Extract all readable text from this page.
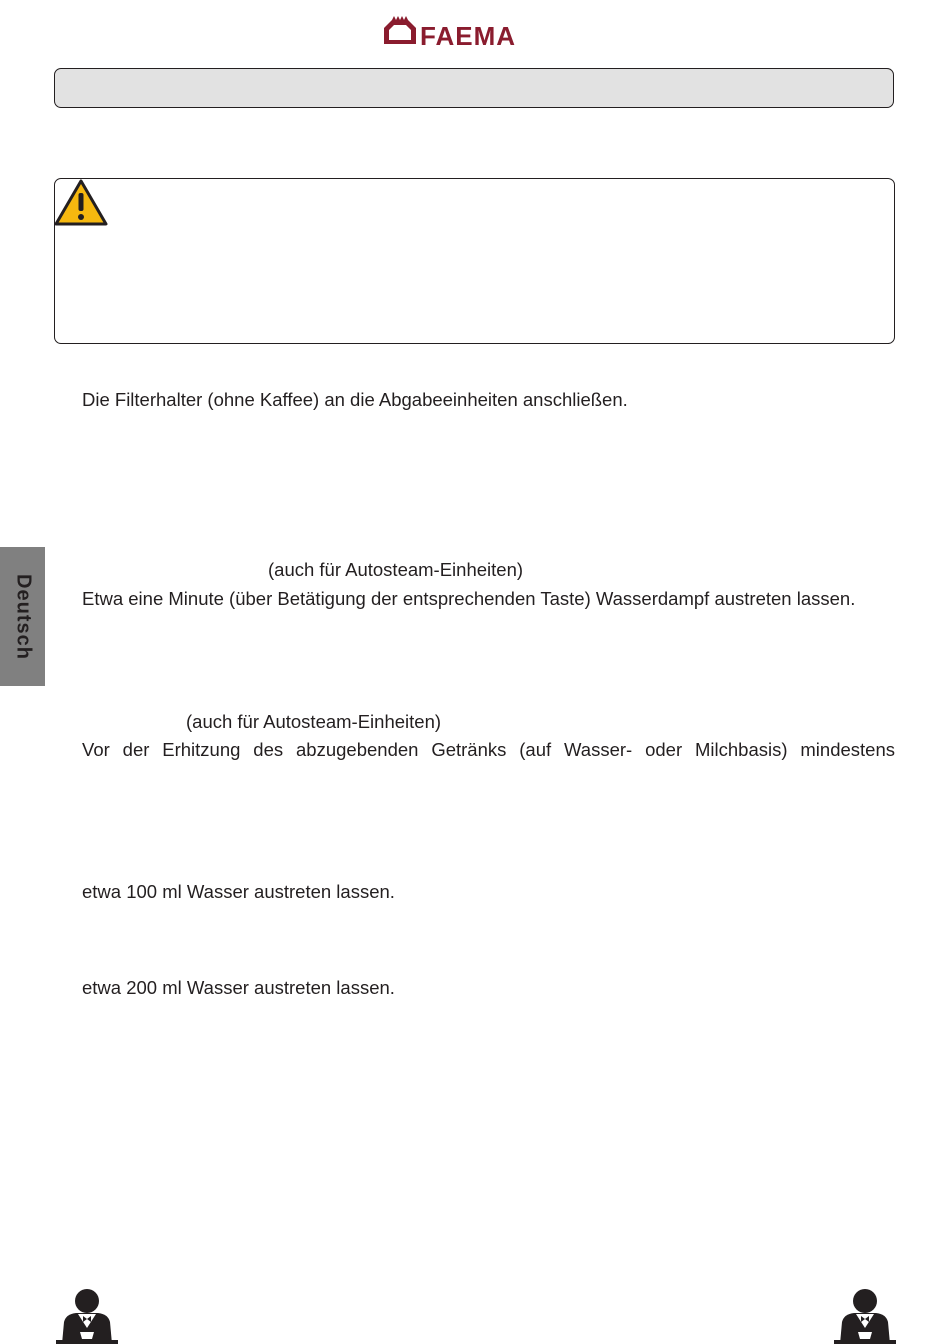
FAEMA
Die Filterhalter (ohne Kaffee) an die Abgabeeinheiten anschließen.
(auch für Autosteam-Einheiten)
Etwa eine Minute (über Betätigung der entsprechenden Taste) Wasserdampf austreten lassen.
(auch für Autosteam-Einheiten)
Vor der Erhitzung des abzugebenden Getränks (auf Wasser- oder Milchbasis) mindestens
etwa 100 ml Wasser austreten lassen.
etwa 200 ml Wasser austreten lassen.
Deutsch
